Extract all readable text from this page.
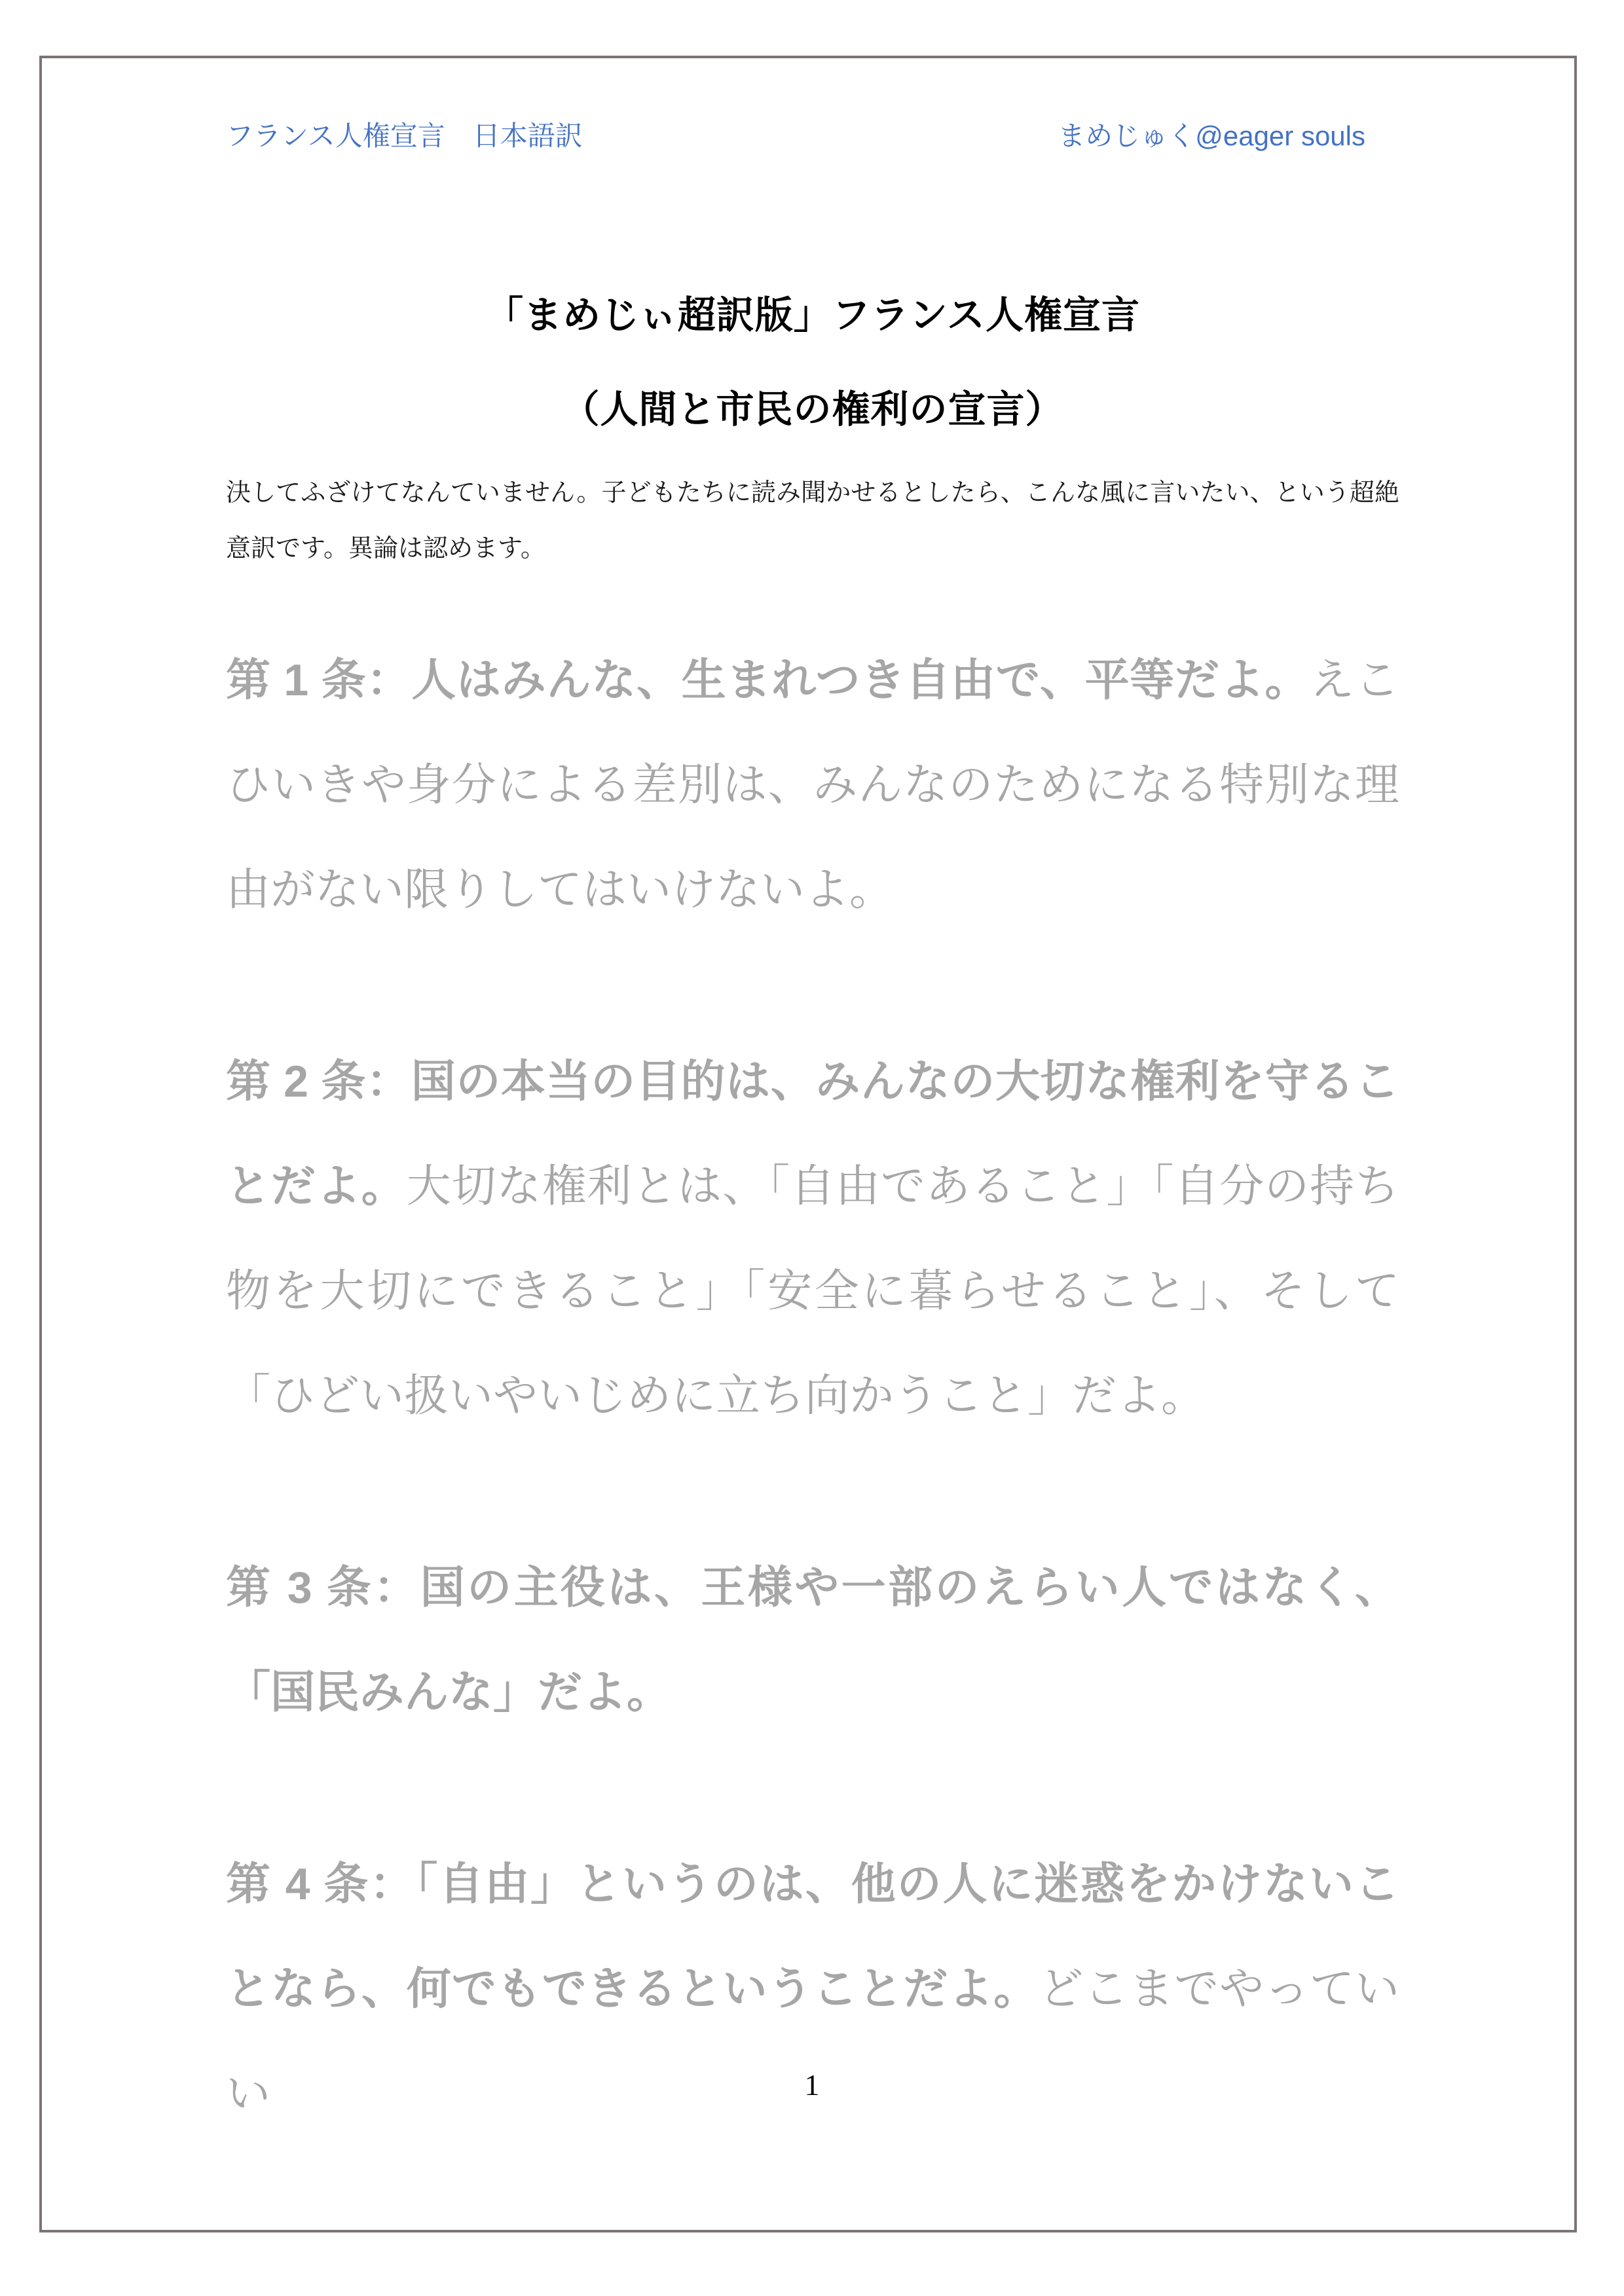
フランス人権宣言　日本語訳	まめじゅく@eager souls
「まめじぃ超訳版」フランス人権宣言
（人間と市民の権利の宣言）

決してふざけてなんていません。子どもたちに読み聞かせるとしたら、こんな風に言いたい、という超絶意訳です。異論は認めます。

第 1 条：人はみんな、生まれつき自由で、平等だよ。えこひいきや身分による差別は、みんなのためになる特別な理由がない限りしてはいけないよ。

第 2 条：国の本当の目的は、みんなの大切な権利を守ることだよ。大切な権利とは、「自由であること」「自分の持ち物を大切にできること」「安全に暮らせること」、そして「ひどい扱いやいじめに立ち向かうこと」だよ。

第 3 条：国の主役は、王様や一部のえらい人ではなく、「国民みんな」だよ。

第 4 条：「自由」というのは、他の人に迷惑をかけないことなら、何でもできるということだよ。どこまでやっていい	1
